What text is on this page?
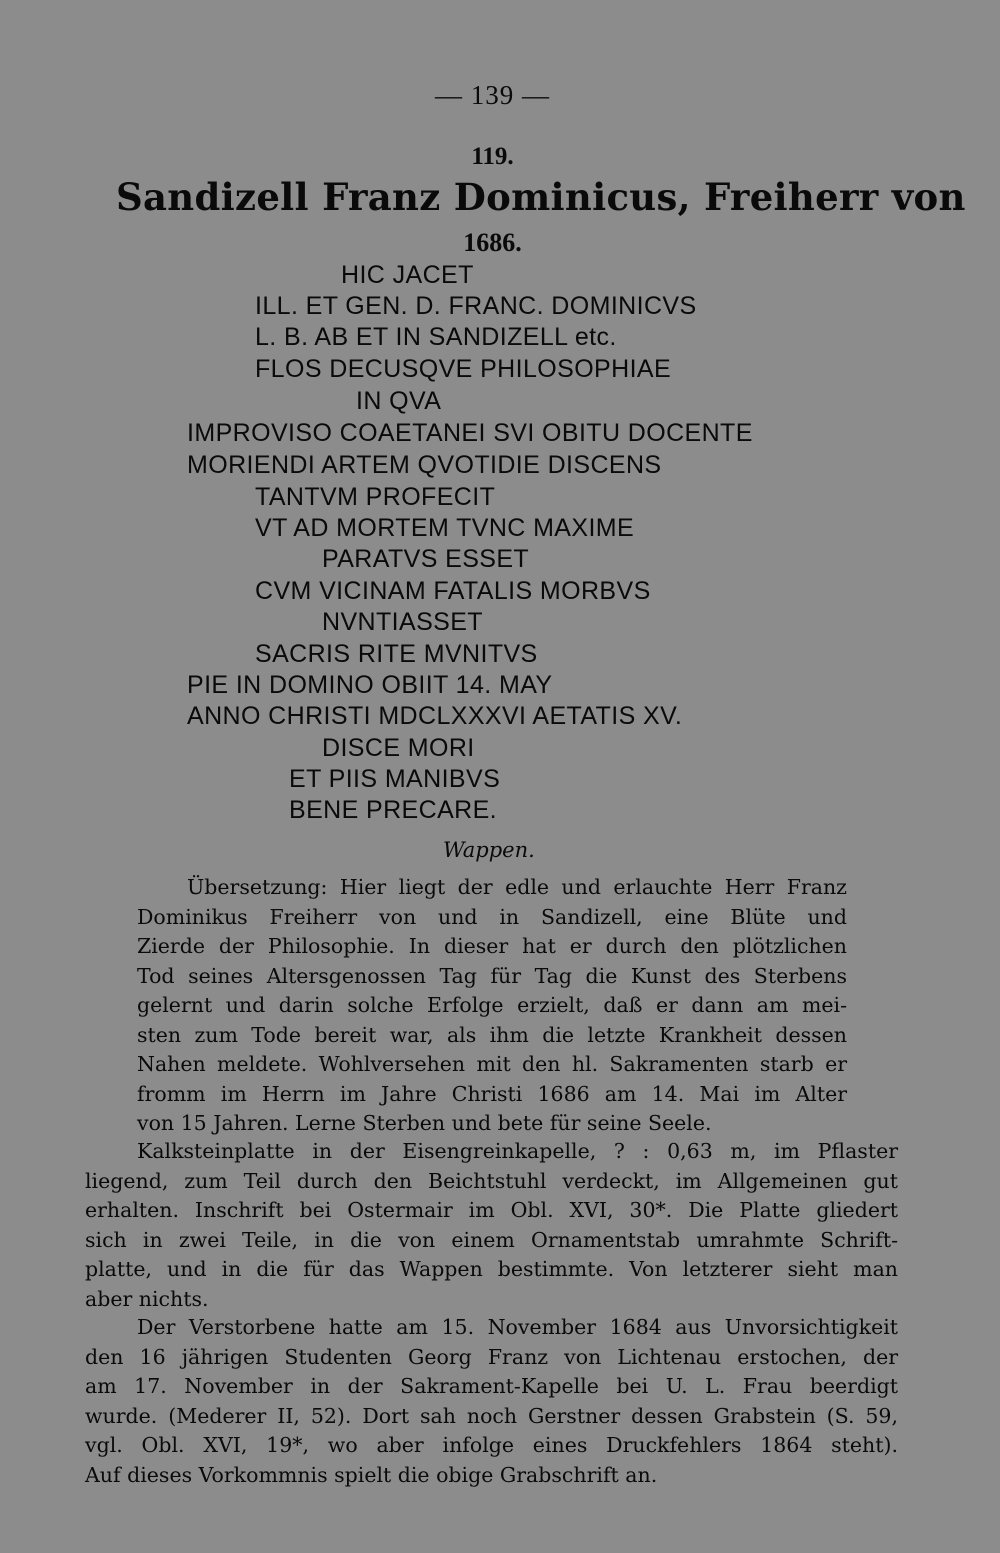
— 139 —
119.
Sandizell Franz Dominicus, Freiherr von
1686.
HIC JACET
ILL. ET GEN. D. FRANC. DOMINICVS
L. B. AB ET IN SANDIZELL etc.
FLOS DECUSQVE PHILOSOPHIAE
IN QVA
IMPROVISO COAETANEI SVI OBITU DOCENTE
MORIENDI ARTEM QVOTIDIE DISCENS
TANTVM PROFECIT
VT AD MORTEM TVNC MAXIME
PARATVS ESSET
CVM VICINAM FATALIS MORBVS
NVNTIASSET
SACRIS RITE MVNITVS
PIE IN DOMINO OBIIT 14. MAY
ANNO CHRISTI MDCLXXXVI AETATIS XV.
DISCE MORI
ET PIIS MANIBVS
BENE PRECARE.
Wappen.
Übersetzung: Hier liegt der edle und erlauchte Herr Franz
Dominikus Freiherr von und in Sandizell, eine Blüte und
Zierde der Philosophie. In dieser hat er durch den plötzlichen
Tod seines Altersgenossen Tag für Tag die Kunst des Sterbens
gelernt und darin solche Erfolge erzielt, daß er dann am mei-
sten zum Tode bereit war, als ihm die letzte Krankheit dessen
Nahen meldete. Wohlversehen mit den hl. Sakramenten starb er
fromm im Herrn im Jahre Christi 1686 am 14. Mai im Alter
von 15 Jahren. Lerne Sterben und bete für seine Seele.
Kalksteinplatte in der Eisengreinkapelle, ? : 0,63 m, im Pflaster
liegend, zum Teil durch den Beichtstuhl verdeckt, im Allgemeinen gut
erhalten. Inschrift bei Ostermair im Obl. XVI, 30*. Die Platte gliedert
sich in zwei Teile, in die von einem Ornamentstab umrahmte Schrift-
platte, und in die für das Wappen bestimmte. Von letzterer sieht man
aber nichts.
Der Verstorbene hatte am 15. November 1684 aus Unvorsichtigkeit
den 16 jährigen Studenten Georg Franz von Lichtenau erstochen, der
am 17. November in der Sakrament-Kapelle bei U. L. Frau beerdigt
wurde. (Mederer II, 52). Dort sah noch Gerstner dessen Grabstein (S. 59,
vgl. Obl. XVI, 19*, wo aber infolge eines Druckfehlers 1864 steht).
Auf dieses Vorkommnis spielt die obige Grabschrift an.
